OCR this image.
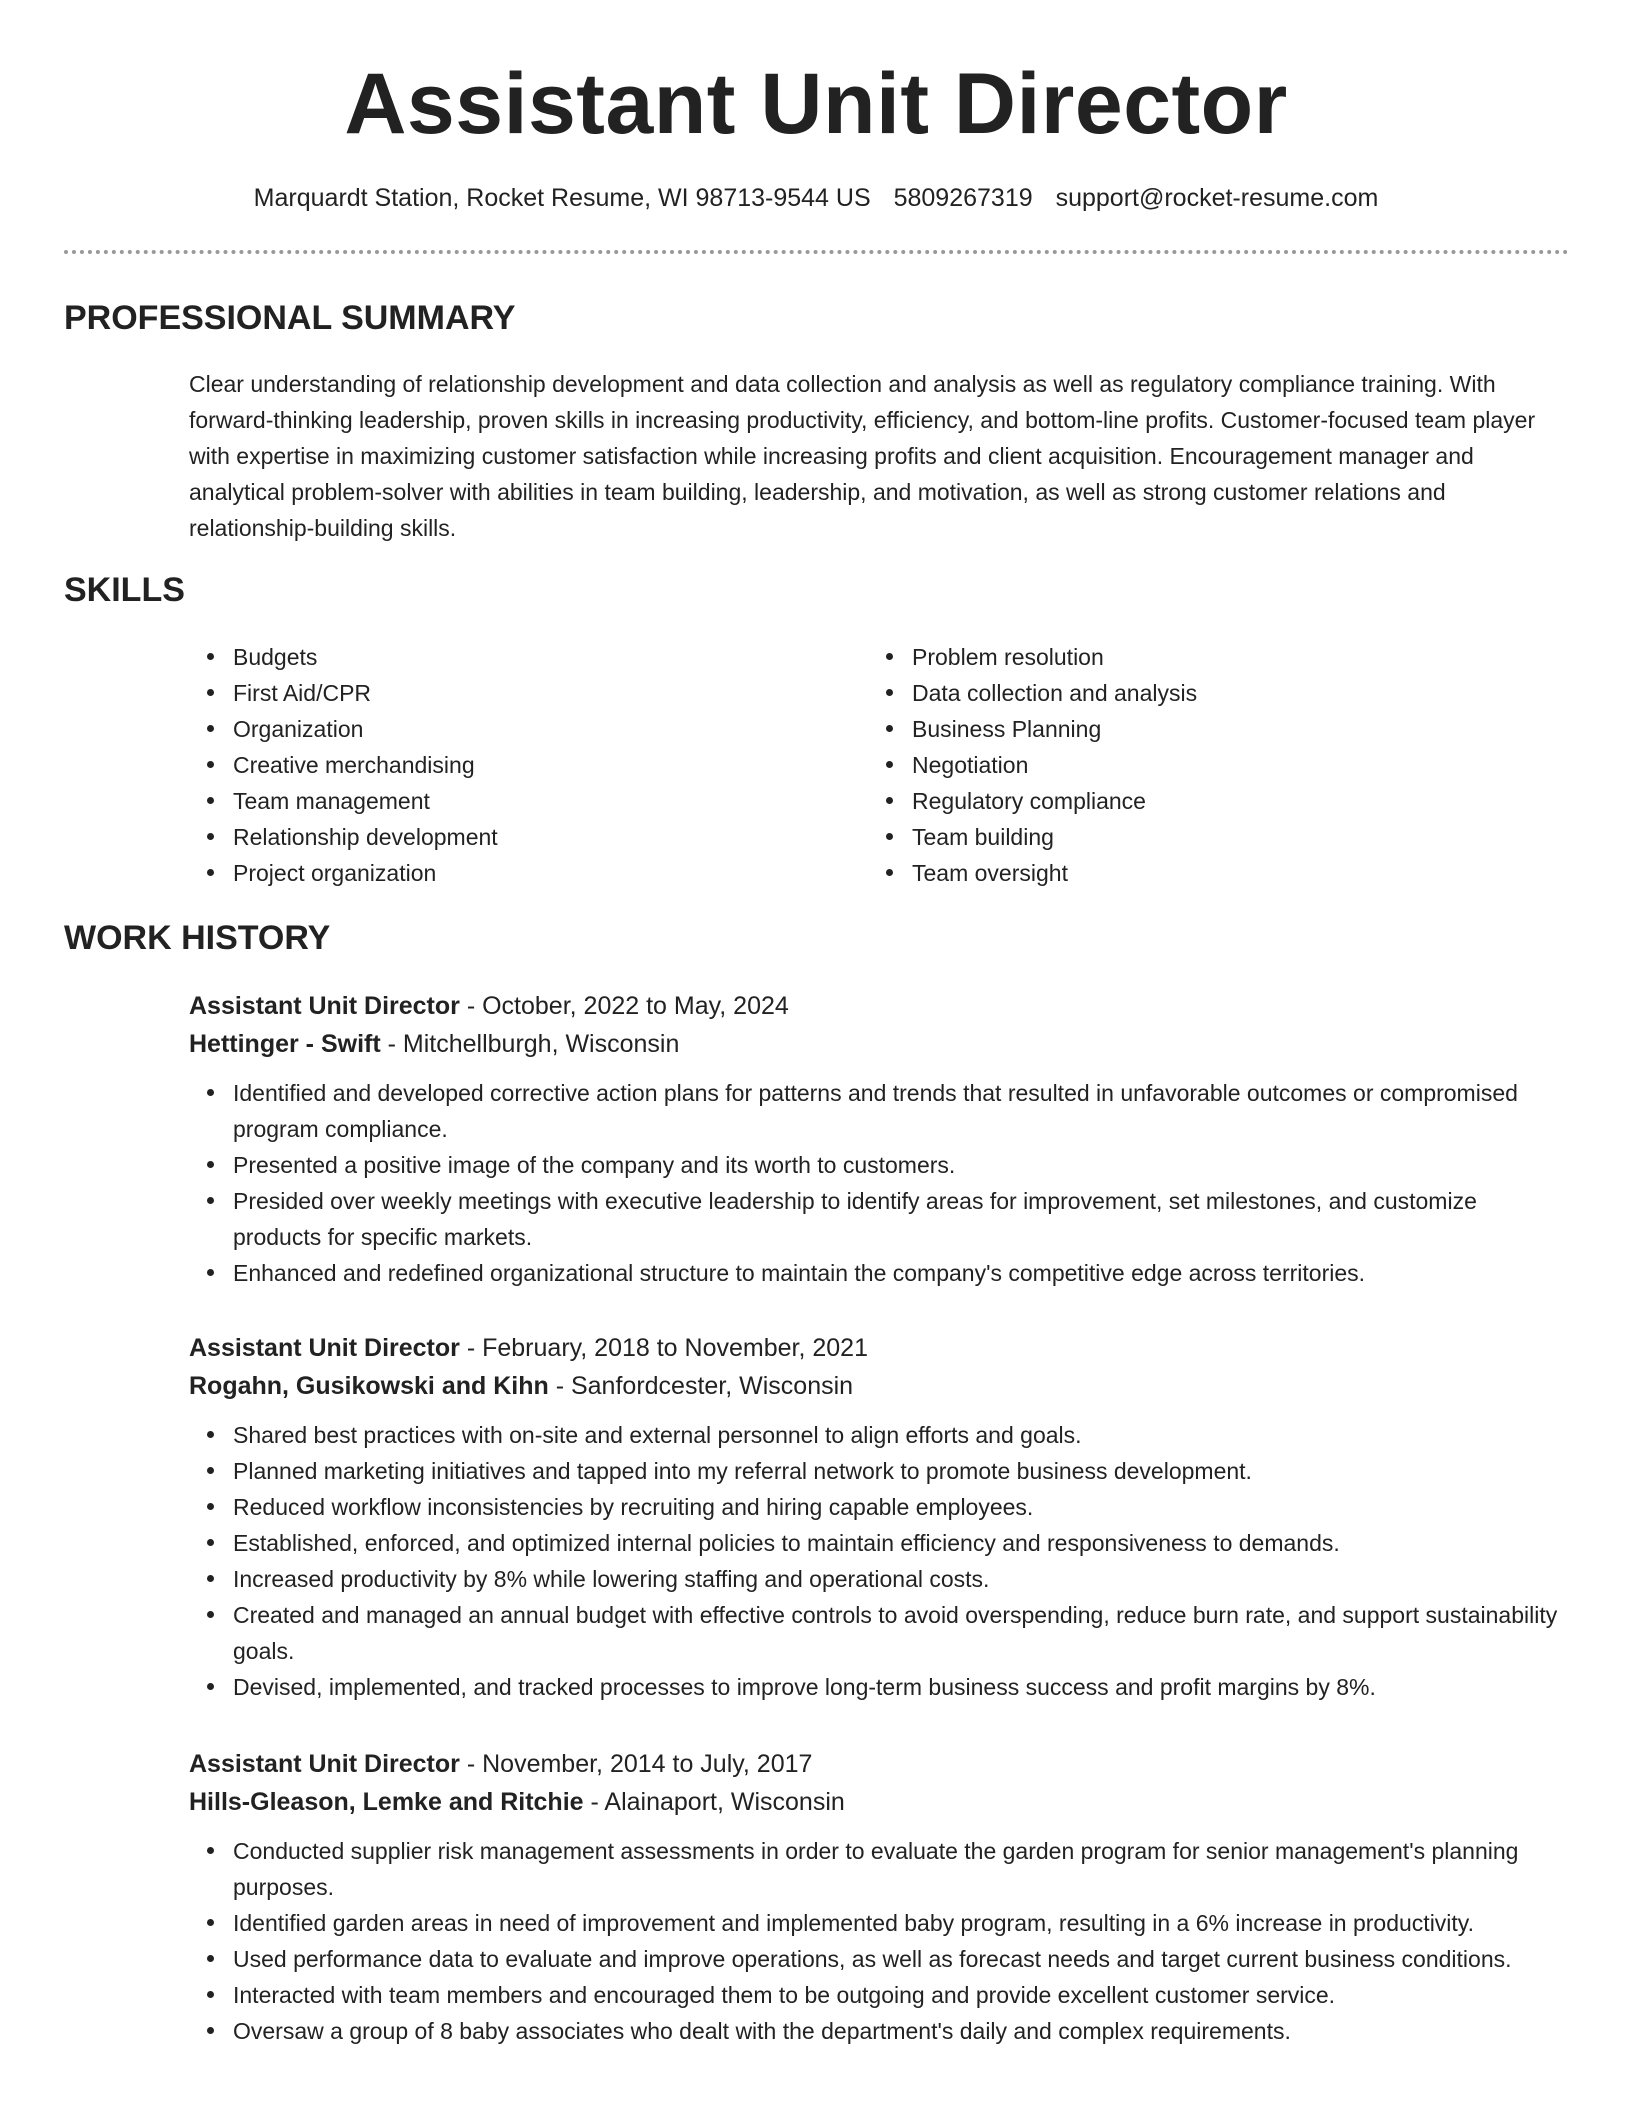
Assistant Unit Director
Marquardt Station, Rocket Resume, WI 98713-9544 US 5809267319 support@rocket-resume.com
PROFESSIONAL SUMMARY

Clear understanding of relationship development and data collection and analysis as well as regulatory compliance training. With forward-thinking leadership, proven skills in increasing productivity, efficiency, and bottom-line profits. Customer-focused team player with expertise in maximizing customer satisfaction while increasing profits and client acquisition. Encouragement manager and analytical problem-solver with abilities in team building, leadership, and motivation, as well as strong customer relations and relationship-building skills.

SKILLS
Budgets
First Aid/CPR
Organization
Creative merchandising
Team management
Relationship development
Project organization
Problem resolution
Data collection and analysis
Business Planning
Negotiation
Regulatory compliance
Team building
Team oversight
WORK HISTORY
Assistant Unit Director - October, 2022 to May, 2024
Hettinger - Swift - Mitchellburgh, Wisconsin
Identified and developed corrective action plans for patterns and trends that resulted in unfavorable outcomes or compromised program compliance.
Presented a positive image of the company and its worth to customers.
Presided over weekly meetings with executive leadership to identify areas for improvement, set milestones, and customize products for specific markets.
Enhanced and redefined organizational structure to maintain the company's competitive edge across territories.
Assistant Unit Director - February, 2018 to November, 2021
Rogahn, Gusikowski and Kihn - Sanfordcester, Wisconsin
Shared best practices with on-site and external personnel to align efforts and goals.
Planned marketing initiatives and tapped into my referral network to promote business development.
Reduced workflow inconsistencies by recruiting and hiring capable employees.
Established, enforced, and optimized internal policies to maintain efficiency and responsiveness to demands.
Increased productivity by 8% while lowering staffing and operational costs.
Created and managed an annual budget with effective controls to avoid overspending, reduce burn rate, and support sustainability goals.
Devised, implemented, and tracked processes to improve long-term business success and profit margins by 8%.
Assistant Unit Director - November, 2014 to July, 2017
Hills-Gleason, Lemke and Ritchie - Alainaport, Wisconsin
Conducted supplier risk management assessments in order to evaluate the garden program for senior management's planning purposes.
Identified garden areas in need of improvement and implemented baby program, resulting in a 6% increase in productivity.
Used performance data to evaluate and improve operations, as well as forecast needs and target current business conditions.
Interacted with team members and encouraged them to be outgoing and provide excellent customer service.
Oversaw a group of 8 baby associates who dealt with the department's daily and complex requirements.
